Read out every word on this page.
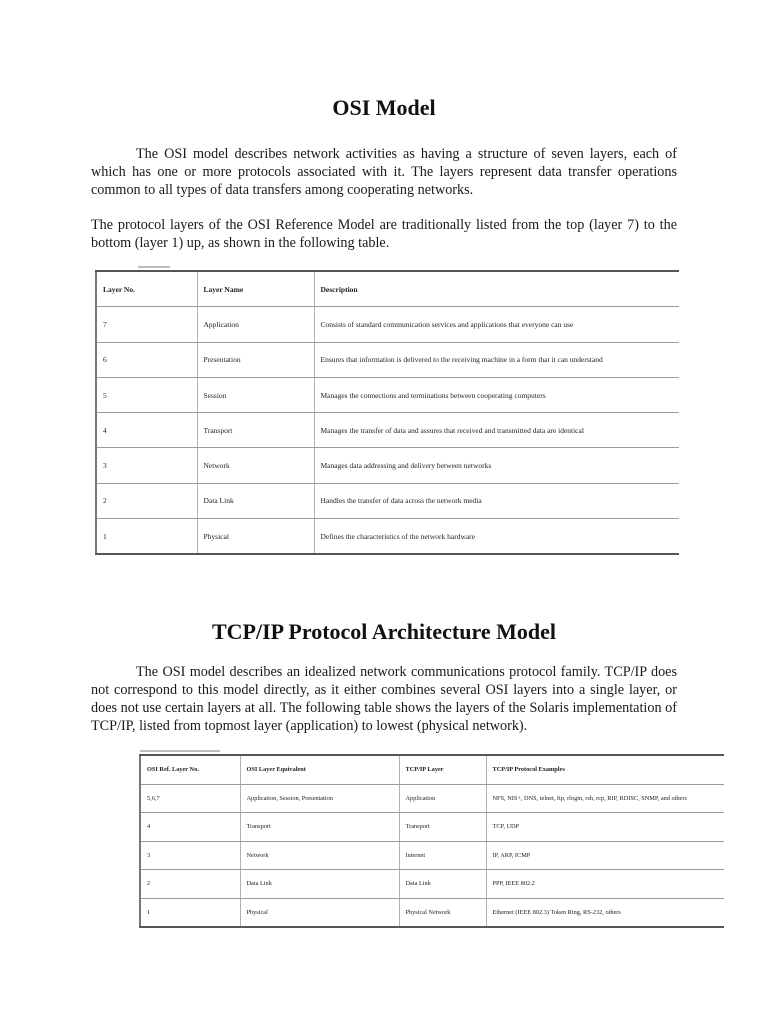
OSI Model
The OSI model describes network activities as having a structure of seven layers, each of which has one or more protocols associated with it. The layers represent data transfer operations common to all types of data transfers among cooperating networks.
The protocol layers of the OSI Reference Model are traditionally listed from the top (layer 7) to the bottom (layer 1) up, as shown in the following table.
Layer No.	Layer Name	Description
7	Application	Consists of standard communication services and applications that everyone can use
6	Presentation	Ensures that information is delivered to the receiving machine in a form that it can understand
5	Session	Manages the connections and terminations between cooperating computers
4	Transport	Manages the transfer of data and assures that received and transmitted data are identical
3	Network	Manages data addressing and delivery between networks
2	Data Link	Handles the transfer of data across the network media
1	Physical	Defines the characteristics of the network hardware
TCP/IP Protocol Architecture Model
The OSI model describes an idealized network communications protocol family. TCP/IP does not correspond to this model directly, as it either combines several OSI layers into a single layer, or does not use certain layers at all. The following table shows the layers of the Solaris implementation of TCP/IP, listed from topmost layer (application) to lowest (physical network).
OSI Ref. Layer No.	OSI Layer Equivalent	TCP/IP Layer	TCP/IP Protocol Examples
5,6,7	Application, Session, Presentation	Application	NFS, NIS+, DNS, telnet, ftp, rlogin, rsh, rcp, RIP, RDISC, SNMP, and others
4	Transport	Transport	TCP, UDP
3	Network	Internet	IP, ARP, ICMP
2	Data Link	Data Link	PPP, IEEE 802.2
1	Physical	Physical Network	Ethernet (IEEE 802.3) Token Ring, RS-232, others
